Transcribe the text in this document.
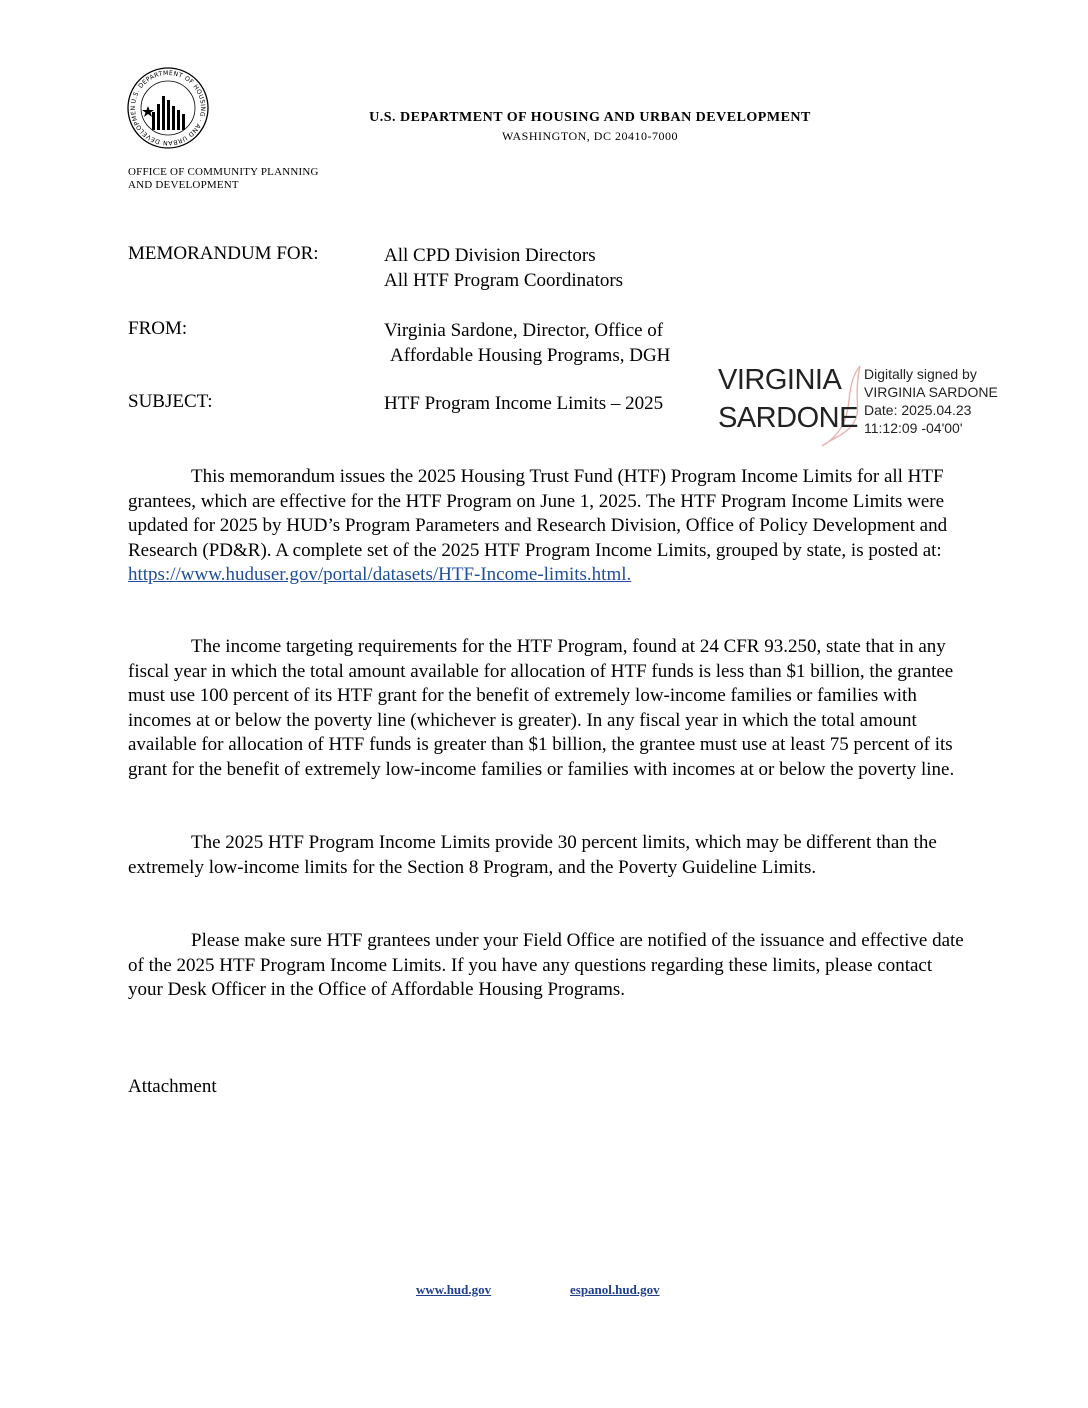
U.S. DEPARTMENT OF HOUSING · AND URBAN DEVELOPMEN
U.S. DEPARTMENT OF HOUSING AND URBAN DEVELOPMENT
WASHINGTON, DC 20410-7000
OFFICE OF COMMUNITY PLANNING
AND DEVELOPMENT
MEMORANDUM FOR:	All CPD Division Directors
All HTF Program Coordinators
FROM:	Virginia Sardone, Director, Office of
Affordable Housing Programs, DGH
SUBJECT:	HTF Program Income Limits – 2025
VIRGINIA
SARDONE
Digitally signed by
VIRGINIA SARDONE
Date: 2025.04.23
11:12:09 -04'00'

This memorandum issues the 2025 Housing Trust Fund (HTF) Program Income Limits for all HTF grantees, which are effective for the HTF Program on June 1, 2025. The HTF Program Income Limits were updated for 2025 by HUD’s Program Parameters and Research Division, Office of Policy Development and Research (PD&R). A complete set of the 2025 HTF Program Income Limits, grouped by state, is posted at:

https://www.huduser.gov/portal/datasets/HTF-Income-limits.html.

The income targeting requirements for the HTF Program, found at 24 CFR 93.250, state that in any fiscal year in which the total amount available for allocation of HTF funds is less than $1 billion, the grantee must use 100 percent of its HTF grant for the benefit of extremely low-income families or families with incomes at or below the poverty line (whichever is greater). In any fiscal year in which the total amount available for allocation of HTF funds is greater than $1 billion, the grantee must use at least 75 percent of its grant for the benefit of extremely low-income families or families with incomes at or below the poverty line.

The 2025 HTF Program Income Limits provide 30 percent limits, which may be different than the extremely low-income limits for the Section 8 Program, and the Poverty Guideline Limits.

Please make sure HTF grantees under your Field Office are notified of the issuance and effective date of the 2025 HTF Program Income Limits. If you have any questions regarding these limits, please contact your Desk Officer in the Office of Affordable Housing Programs.

Attachment
www.hud.gov	espanol.hud.gov
